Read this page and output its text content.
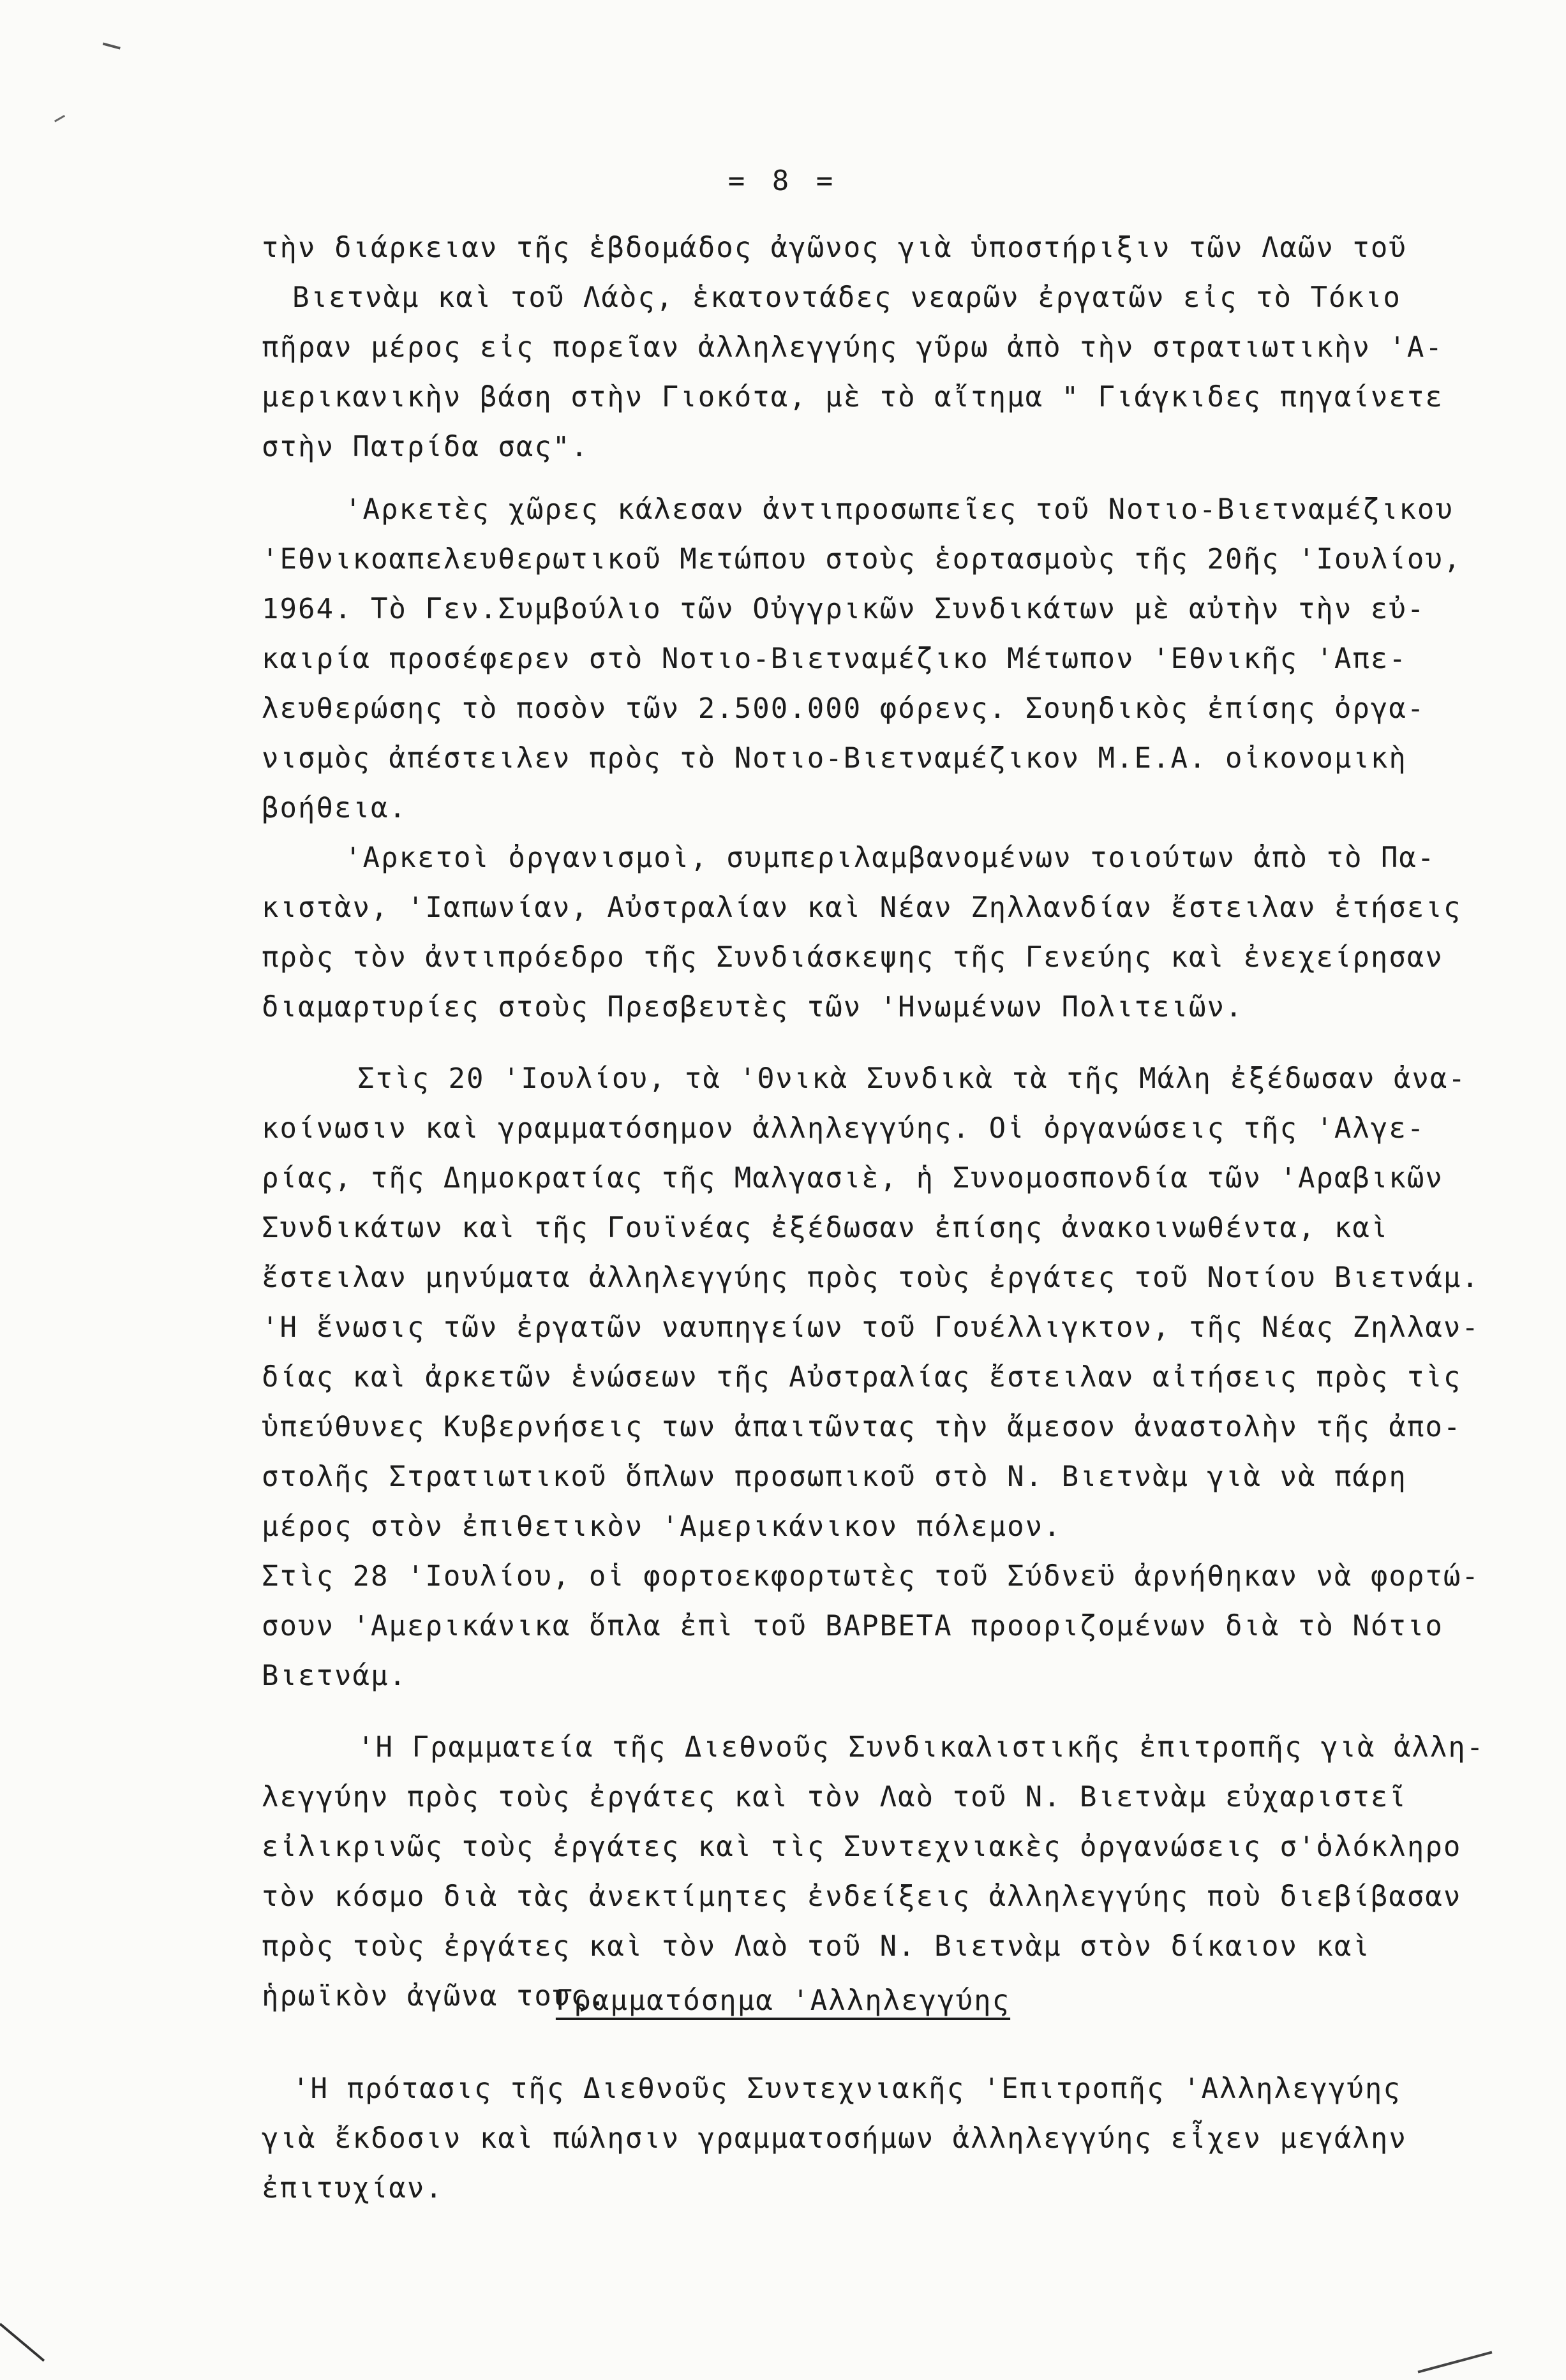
= 8 =
τὴν διάρκειαν τῆς ἑβδομάδος ἀγῶνος γιὰ ὑποστήριξιν τῶν Λαῶν τοῦ
Βιετνὰμ καὶ τοῦ Λάὸς, ἑκατοντάδες νεαρῶν ἐργατῶν εἰς τὸ Τόκιο
πῆραν μέρος εἰς πορεῖαν ἀλληλεγγύης γῦρω ἀπὸ τὴν στρατιωτικὴν 'Α-
μερικανικὴν βάση στὴν Γιοκότα, μὲ τὸ αἴτημα " Γιάγκιδες πηγαίνετε
στὴν Πατρίδα σας".
'Αρκετὲς χῶρες κάλεσαν ἀντιπροσωπεῖες τοῦ Νοτιο-Βιετναμέζικου
'Εθνικοαπελευθερωτικοῦ Μετώπου στοὺς ἑορτασμοὺς τῆς 20ῆς 'Ιουλίου,
1964. Τὸ Γεν.Συμβούλιο τῶν Οὐγγρικῶν Συνδικάτων μὲ αὐτὴν τὴν εὐ-
καιρία προσέφερεν στὸ Νοτιο-Βιετναμέζικο Μέτωπον 'Εθνικῆς 'Απε-
λευθερώσης τὸ ποσὸν τῶν 2.500.000 φόρενς. Σουηδικὸς ἐπίσης ὀργα-
νισμὸς ἀπέστειλεν πρὸς τὸ Νοτιο-Βιετναμέζικον Μ.Ε.Α. οἰκονομικὴ
βοήθεια.
'Αρκετοὶ ὀργανισμοὶ, συμπεριλαμβανομένων τοιούτων ἀπὸ τὸ Πα-
κιστὰν, 'Ιαπωνίαν, Αὐστραλίαν καὶ Νέαν Ζηλλανδίαν ἔστειλαν ἐτήσεις
πρὸς τὸν ἀντιπρόεδρο τῆς Συνδιάσκεψης τῆς Γενεύης καὶ ἐνεχείρησαν
διαμαρτυρίες στοὺς Πρεσβευτὲς τῶν 'Ηνωμένων Πολιτειῶν.
Στὶς 20 'Ιουλίου, τὰ 'Θνικὰ Συνδικὰ τὰ τῆς Μάλη ἐξέδωσαν ἀνα-
κοίνωσιν καὶ γραμματόσημον ἀλληλεγγύης. Οἱ ὀργανώσεις τῆς 'Αλγε-
ρίας, τῆς Δημοκρατίας τῆς Μαλγασιὲ, ἡ Συνομοσπονδία τῶν 'Αραβικῶν
Συνδικάτων καὶ τῆς Γουϊνέας ἐξέδωσαν ἐπίσης ἀνακοινωθέντα, καὶ
ἔστειλαν μηνύματα ἀλληλεγγύης πρὸς τοὺς ἐργάτες τοῦ Νοτίου Βιετνάμ.
'Η ἕνωσις τῶν ἐργατῶν ναυπηγείων τοῦ Γουέλλιγκτον, τῆς Νέας Ζηλλαν-
δίας καὶ ἀρκετῶν ἑνώσεων τῆς Αὐστραλίας ἔστειλαν αἰτήσεις πρὸς τὶς
ὑπεύθυνες Κυβερνήσεις των ἀπαιτῶντας τὴν ἄμεσον ἀναστολὴν τῆς ἀπο-
στολῆς Στρατιωτικοῦ ὅπλων προσωπικοῦ στὸ Ν. Βιετνὰμ γιὰ νὰ πάρη
μέρος στὸν ἐπιθετικὸν 'Αμερικάνικον πόλεμον.
Στὶς 28 'Ιουλίου, οἱ φορτοεκφορτωτὲς τοῦ Σύδνεϋ ἀρνήθηκαν νὰ φορτώ-
σουν 'Αμερικάνικα ὅπλα ἐπὶ τοῦ ΒΑΡΒΕΤΑ προοριζομένων διὰ τὸ Νότιο
Βιετνάμ.
'Η Γραμματεία τῆς Διεθνοῦς Συνδικαλιστικῆς ἐπιτροπῆς γιὰ ἀλλη-
λεγγύην πρὸς τοὺς ἐργάτες καὶ τὸν Λαὸ τοῦ Ν. Βιετνὰμ εὐχαριστεῖ
εἰλικρινῶς τοὺς ἐργάτες καὶ τὶς Συντεχνιακὲς ὀργανώσεις σ'ὁλόκληρο
τὸν κόσμο διὰ τὰς ἀνεκτίμητες ἐνδείξεις ἀλληλεγγύης ποὺ διεβίβασαν
πρὸς τοὺς ἐργάτες καὶ τὸν Λαὸ τοῦ Ν. Βιετνὰμ στὸν δίκαιον καὶ
ἡρωϊκὸν ἀγῶνα τους.
Γραμματόσημα 'Αλληλεγγύης
'Η πρότασις τῆς Διεθνοῦς Συντεχνιακῆς 'Επιτροπῆς 'Αλληλεγγύης
γιὰ ἔκδοσιν καὶ πώλησιν γραμματοσήμων ἀλληλεγγύης εἶχεν μεγάλην
ἐπιτυχίαν.
